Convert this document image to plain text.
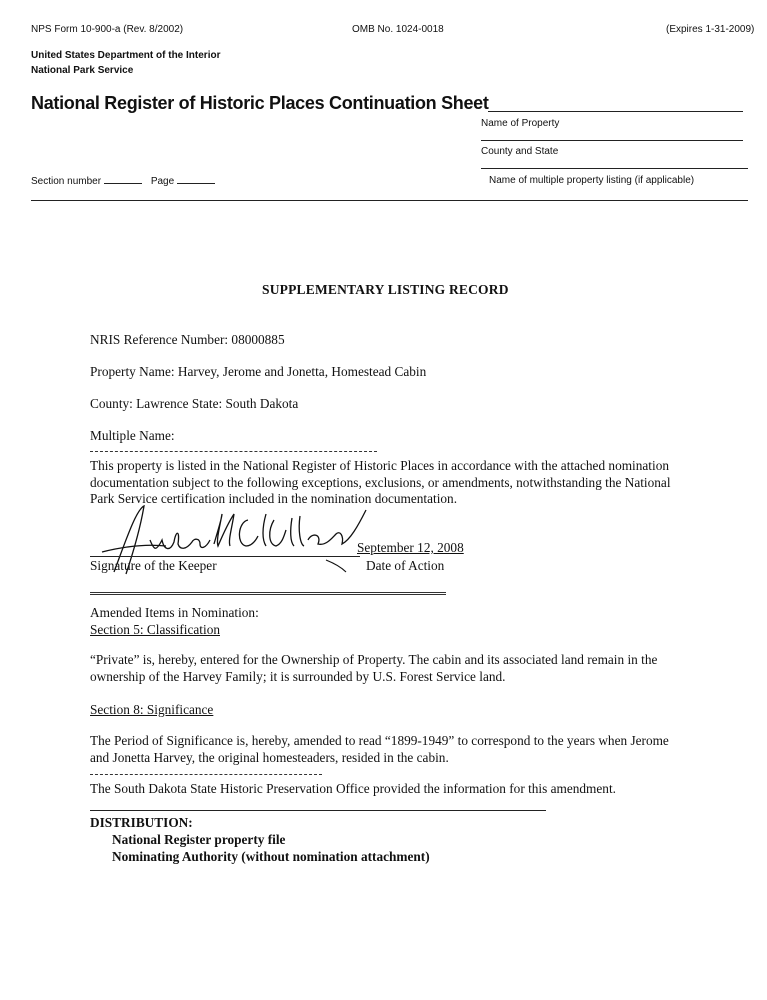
NPS Form 10-900-a (Rev. 8/2002)	OMB No. 1024-0018	(Expires 1-31-2009)
United States Department of the Interior
National Park Service
National Register of Historic Places Continuation Sheet
Name of Property
County and State
Section number	Page	Name of multiple property listing (if applicable)
SUPPLEMENTARY LISTING RECORD
NRIS Reference Number: 08000885
Property Name: Harvey, Jerome and Jonetta, Homestead Cabin
County: Lawrence State: South Dakota
Multiple Name:
This property is listed in the National Register of Historic Places in accordance with the attached nomination documentation subject to the following exceptions, exclusions, or amendments, notwithstanding the National Park Service certification included in the nomination documentation.
Signature of the Keeper
September 12, 2008
Date of Action
Amended Items in Nomination:
Section 5: Classification
“Private” is, hereby, entered for the Ownership of Property. The cabin and its associated land remain in the ownership of the Harvey Family; it is surrounded by U.S. Forest Service land.
Section 8: Significance
The Period of Significance is, hereby, amended to read “1899-1949” to correspond to the years when Jerome and Jonetta Harvey, the original homesteaders, resided in the cabin.
The South Dakota State Historic Preservation Office provided the information for this amendment.
DISTRIBUTION:
National Register property file
Nominating Authority (without nomination attachment)
